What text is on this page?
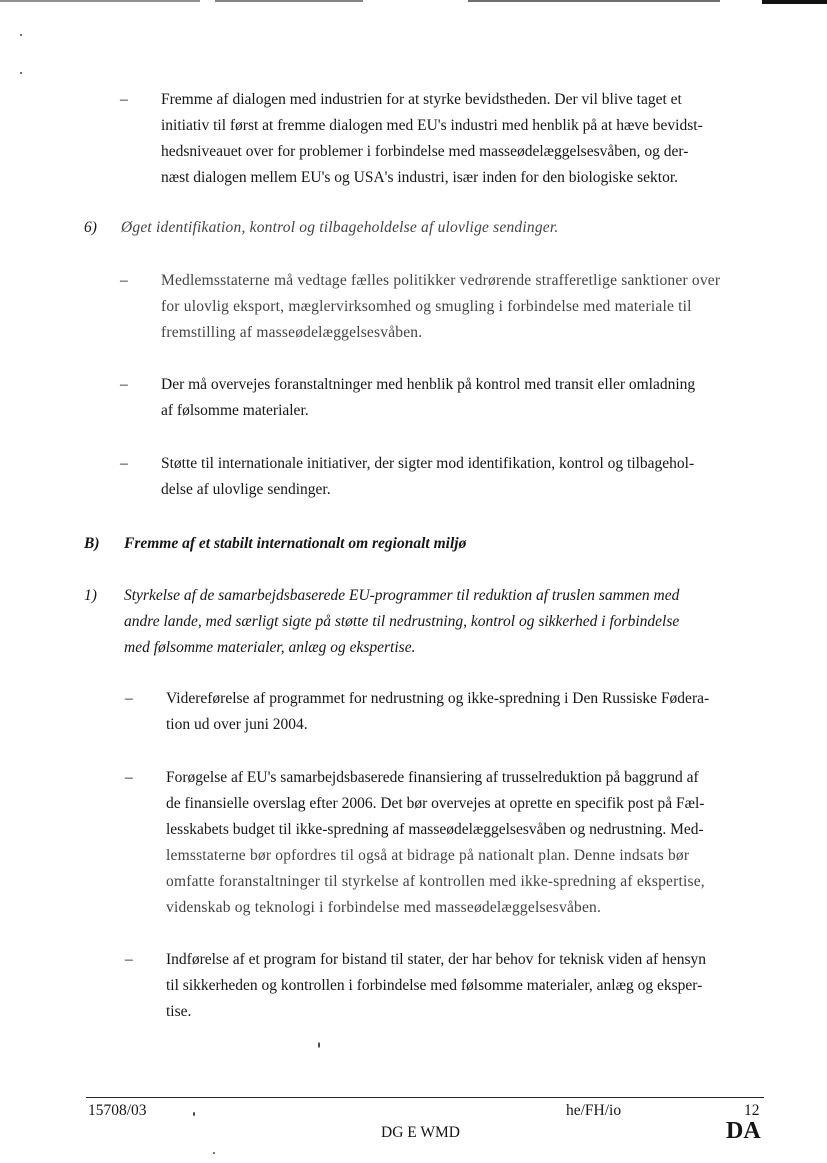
– Fremme af dialogen med industrien for at styrke bevidstheden. Der vil blive taget et
initiativ til først at fremme dialogen med EU's industri med henblik på at hæve bevidst-
hedsniveauet over for problemer i forbindelse med masseødelæggelsesvåben, og der-
næst dialogen mellem EU's og USA's industri, især inden for den biologiske sektor.
6) Øget identifikation, kontrol og tilbageholdelse af ulovlige sendinger.
– Medlemsstaterne må vedtage fælles politikker vedrørende strafferetlige sanktioner over
for ulovlig eksport, mæglervirksomhed og smugling i forbindelse med materiale til
fremstilling af masseødelæggelsesvåben.
– Der må overvejes foranstaltninger med henblik på kontrol med transit eller omladning
af følsomme materialer.
– Støtte til internationale initiativer, der sigter mod identifikation, kontrol og tilbagehol-
delse af ulovlige sendinger.
B) Fremme af et stabilt internationalt om regionalt miljø
1) Styrkelse af de samarbejdsbaserede EU-programmer til reduktion af truslen sammen med
andre lande, med særligt sigte på støtte til nedrustning, kontrol og sikkerhed i forbindelse
med følsomme materialer, anlæg og ekspertise.
– Videreførelse af programmet for nedrustning og ikke-spredning i Den Russiske Føderа-
tion ud over juni 2004.
– Forøgelse af EU's samarbejdsbaserede finansiering af trusselreduktion på baggrund af
de finansielle overslag efter 2006. Det bør overvejes at oprette en specifik post på Fæl-
lesskabets budget til ikke-spredning af masseødelæggelsesvåben og nedrustning. Med-
lemsstaterne bør opfordres til også at bidrage på nationalt plan. Denne indsats bør
omfatte foranstaltninger til styrkelse af kontrollen med ikke-spredning af ekspertise,
videnskab og teknologi i forbindelse med masseødelæggelsesvåben.
– Indførelse af et program for bistand til stater, der har behov for teknisk viden af hensyn
til sikkerheden og kontrollen i forbindelse med følsomme materialer, anlæg og eksper-
tise.
15708/03	he/FH/io	12
DG E WMD	DA
